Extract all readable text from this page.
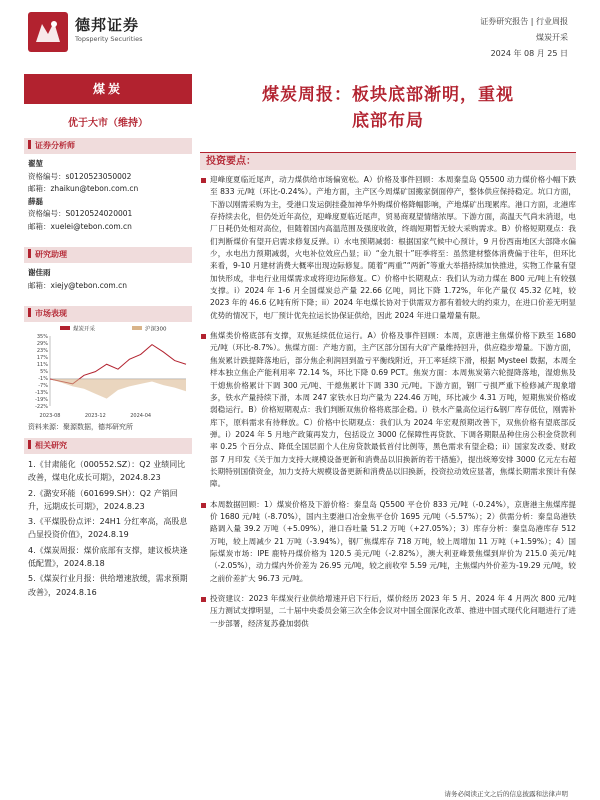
德邦证券
Topsperity Securities
证券研究报告 | 行业周报
煤炭开采
2024 年 08 月 25 日
煤炭
优于大市（维持）
证券分析师
翟堃
资格编号：s0120523050002
邮箱：zhaikun@tebon.com.cn
薛磊
资格编号：S0120524020001
邮箱：xuelei@tebon.com.cn
研究助理
谢佳雨
邮箱：xiejy@tebon.com.cn
市场表现
35%
29%
23%
17%
11%
5%
-1%
-7%
-13%
-19%
-22%
2023-08	2023-12	2024-04
煤炭开采	沪深300
资料来源：聚源数据，德邦研究所
相关研究
1.《甘肃能化（000552.SZ）：Q2 业绩同比改善，煤电化成长可期》，2024.8.23
2.《潞安环能（601699.SH）：Q2 产销回升，远期成长可期》，2024.8.23
3.《平煤股份点评：24H1 分红率高，高股息凸显投资价值》，2024.8.19
4.《煤炭周报：煤价底部有支撑，建议板块逢低配置》，2024.8.18
5.《煤炭行业月报：供给增速放缓，需求预期改善》，2024.8.16
煤炭周报：板块底部渐明，重视
底部布局
投资要点：
迎峰度夏临近尾声，动力煤供给市场偏宽松。A）价格及事件回顾：本周秦皇岛 Q5500 动力煤价格小幅下跌至 833 元/吨（环比-0.24%）。产地方面，主产区今周煤矿国搬家倒面停产，整体供应保持稳定。坑口方面，下游以刚需采购为主，受港口发运倒挂叠加神华外购煤价格降幅影响，产地煤矿出现累库。港口方面，北港库存持续去化，但仍处近年高位，迎峰度夏临近尾声，贸易商观望情绪浓厚。下游方面，高温天气尚未消退，电厂日耗仍处相对高位，但随着国内高温范围及强度收敛，终端短期暂无较大采购需求。B）价格短期观点：我们判断煤价有望开启需求修复反弹。i）水电预期减弱：根据国家气候中心预计，9 月份西南地区大部降水偏少，水电出力预期减弱，火电补位效应凸显；ii）“金九银十”旺季将至：虽然建材整体消费偏于往年，但环比来看，9-10 月建材消费大概率出现边际修复。随着“两重”“两新”等重大举措持续加快推进，实物工作量有望加快形成，非电行业用煤需求或将迎边际修复。C）价格中长期观点：我们认为动力煤在 800 元/吨上有较强支撑。i）2024 年 1-6 月全国煤炭总产量 22.66 亿吨，同比下降 1.72%，年化产量仅 45.32 亿吨，较 2023 年的 46.6 亿吨有所下降；ii）2024 年电煤长协对于供需双方都有着较大的约束力，在进口价差无明显优势的情况下，电厂预计优先拉运长协保证供给，因此 2024 年进口量增量有限。
焦煤类价格底部有支撑，双焦延续低位运行。A）价格及事件回顾：本周，京唐港主焦煤价格下跌至 1680 元/吨（环比-8.7%）。焦煤方面：产地方面，主产区部分国有大矿产量维持回升，供应稳步增量。下游方面，焦炭累计跌提降落地后，部分焦企利润回到盈亏平衡线附近，开工率延续下滑，根据 Mysteel 数据，本周全样本独立焦企产能利用率 72.14 %，环比下降 0.69 PCT。焦炭方面：本周焦炭第六轮提降落地，湿熄焦及干熄焦价格累计下调 300 元/吨、干熄焦累计下调 330 元/吨。下游方面，钢厂亏损严重下检修减产现象增多，铁水产量持续下滑，本周 247 家铁水日均产量为 224.46 万吨，环比减少 4.31 万吨，短期焦炭价格或弱稳运行。B）价格短期观点：我们判断双焦价格将底部企稳。i）铁水产量高位运行&钢厂库存低位，刚需补库下，原料需求有待释放。C）价格中长期观点：我们认为 2024 年宏观预期改善下，双焦价格有望底部反弹。i）2024 年 5 月地产政策再发力，包括设立 3000 亿保障性再贷款、下调各期限品种住房公积金贷款利率 0.25 个百分点、降低全国层面个人住房贷款最低首付比例等，黑色需求有望企稳；ii）国家发改委、财政部 7 月印发《关于加力支持大规模设备更新和消费品以旧换新的若干措施》，提出统筹安排 3000 亿元左右超长期特别国债资金，加力支持大规模设备更新和消费品以旧换新，投资拉动效应显著，焦煤长期需求预计有保障。
本周数据回顾：1）煤炭价格及下游价格：秦皇岛 Q5500 平仓价 833 元/吨（-0.24%），京唐港主焦煤库提价 1680 元/吨（-8.70%），国内主要港口冶金焦平仓价 1695 元/吨（-5.57%）；2）供需分析：秦皇岛港铁路调入量 39.2 万吨（+5.09%），港口吞吐量 51.2 万吨（+27.05%）；3）库存分析：秦皇岛港库存 512 万吨，较上周减少 21 万吨（-3.94%），钢厂焦煤库存 718 万吨，较上周增加 11 万吨（+1.59%）；4）国际煤炭市场：IPE 鹿特丹煤价格为 120.5 美元/吨（-2.82%），澳大利亚峰景焦煤到岸价为 215.0 美元/吨（-2.05%），动力煤内外价差为 26.95 元/吨，较之前收窄 5.59 元/吨，主焦煤内外价差为-19.29 元/吨，较之前价差扩大 96.73 元/吨。
投资建议：2023 年煤炭行业供给增速开启下行后，煤价经历 2023 年 5 月、2024 年 4 月两次 800 元/吨压力测试支撑明显，二十届中央委员会第三次全体会议对中国全面深化改革、推进中国式现代化问题进行了进一步部署，经济复苏叠加弱供
请务必阅读正文之后的信息披露和法律声明
